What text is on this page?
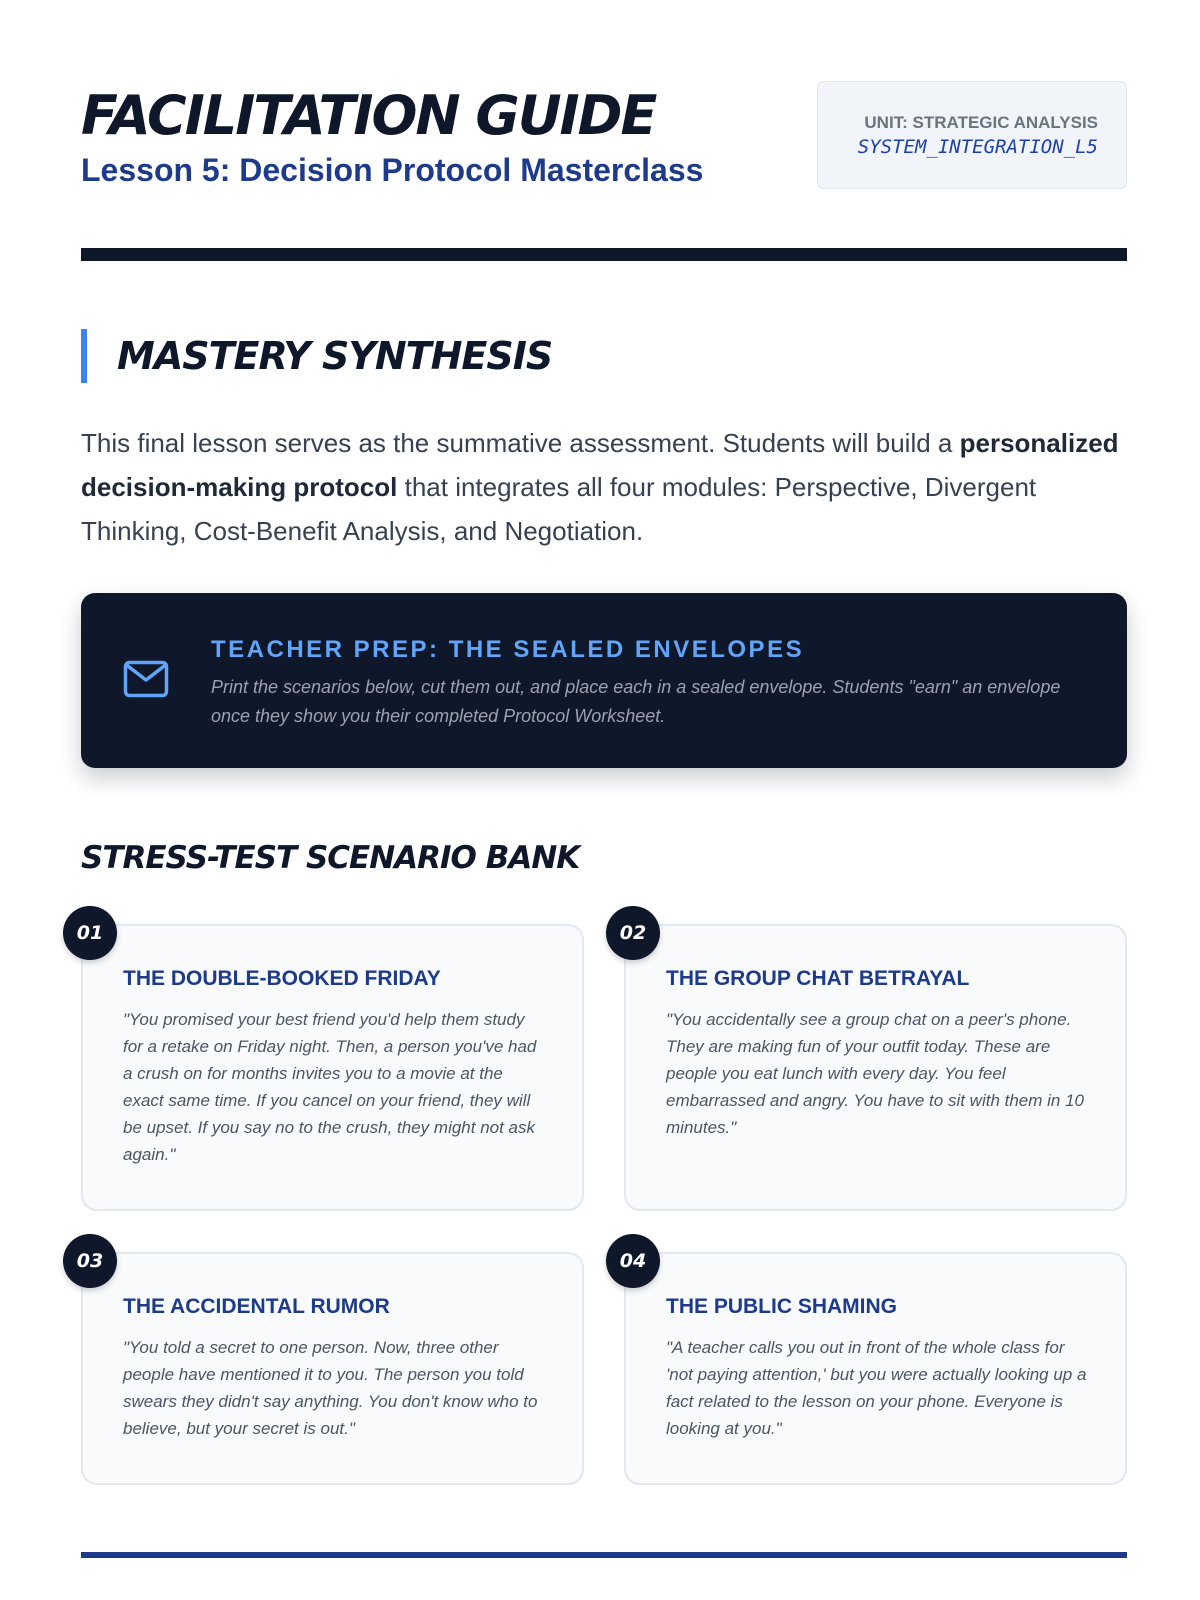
FACILITATION GUIDE
Lesson 5: Decision Protocol Masterclass
UNIT: STRATEGIC ANALYSIS
SYSTEM_INTEGRATION_L5
MASTERY SYNTHESIS

This final lesson serves as the summative assessment. Students will build a personalized decision-making protocol that integrates all four modules: Perspective, Divergent Thinking, Cost-Benefit Analysis, and Negotiation.

TEACHER PREP: THE SEALED ENVELOPES
Print the scenarios below, cut them out, and place each in a sealed envelope. Students "earn" an envelope once they show you their completed Protocol Worksheet.
STRESS-TEST SCENARIO BANK
01
THE DOUBLE-BOOKED FRIDAY
"You promised your best friend you'd help them study for a retake on Friday night. Then, a person you've had a crush on for months invites you to a movie at the exact same time. If you cancel on your friend, they will be upset. If you say no to the crush, they might not ask again."
02
THE GROUP CHAT BETRAYAL
"You accidentally see a group chat on a peer's phone. They are making fun of your outfit today. These are people you eat lunch with every day. You feel embarrassed and angry. You have to sit with them in 10 minutes."
03
THE ACCIDENTAL RUMOR
"You told a secret to one person. Now, three other people have mentioned it to you. The person you told swears they didn't say anything. You don't know who to believe, but your secret is out."
04
THE PUBLIC SHAMING
"A teacher calls you out in front of the whole class for 'not paying attention,' but you were actually looking up a fact related to the lesson on your phone. Everyone is looking at you."
